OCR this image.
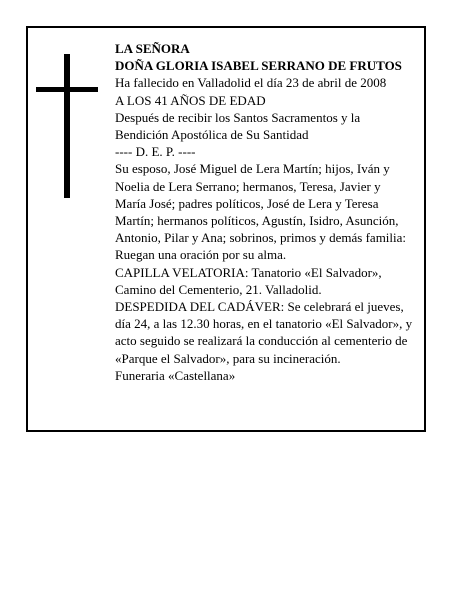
LA SEÑORA

DOÑA GLORIA ISABEL SERRANO DE FRUTOS

Ha fallecido en Valladolid el día 23 de abril de 2008

A LOS 41 AÑOS DE EDAD

Después de recibir los Santos Sacramentos y la

Bendición Apostólica de Su Santidad

---- D. E. P. ----

Su esposo, José Miguel de Lera Martín; hijos, Iván y

Noelia de Lera Serrano; hermanos, Teresa, Javier y

María José; padres políticos, José de Lera y Teresa

Martín; hermanos políticos, Agustín, Isidro, Asunción,

Antonio, Pilar y Ana; sobrinos, primos y demás familia:

Ruegan una oración por su alma.

CAPILLA VELATORIA: Tanatorio «El Salvador»,

Camino del Cementerio, 21. Valladolid.

DESPEDIDA DEL CADÁVER: Se celebrará el jueves,

día 24, a las 12.30 horas, en el tanatorio «El Salvador», y

acto seguido se realizará la conducción al cementerio de

«Parque el Salvador», para su incineración.

Funeraria «Castellana»
